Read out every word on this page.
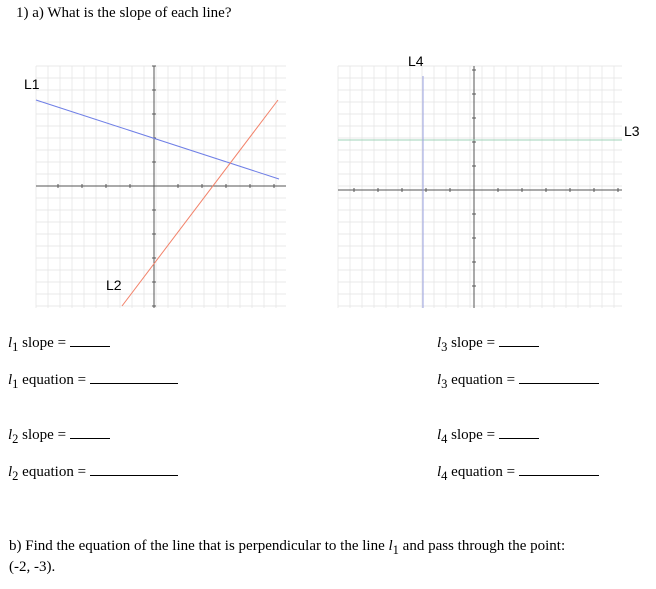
1) a) What is the slope of each line?
L1
L2
L3
L4
$l_1$ slope =
$l_1$ equation =
$l_2$ slope =
$l_2$ equation =
$l_3$ slope =
$l_3$ equation =
$l_4$ slope =
$l_4$ equation =
b) Find the equation of the line that is perpendicular to the line $l_1$ and pass through the point:
(-2, -3).
